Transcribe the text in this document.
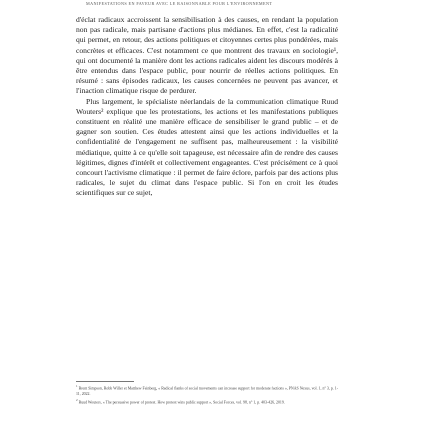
MANIFESTATIONS EN FAVEUR AVEC LE RAISONNABLE POUR L'ENVIRONNEMENT

d'éclat radicaux accroissent la sensibilisation à des causes, en rendant la population non pas radicale, mais partisane d'actions plus médianes. En effet, c'est la radicalité qui permet, en retour, des actions politiques et citoyennes certes plus pondérées, mais concrètes et efficaces. C'est notamment ce que montrent des travaux en sociologie¹, qui ont documenté la manière dont les actions radicales aident les discours modérés à être entendus dans l'espace public, pour nourrir de réelles actions politiques. En résumé : sans épisodes radicaux, les causes concernées ne peuvent pas avancer, et l'inaction climatique risque de perdurer.

Plus largement, le spécialiste néerlandais de la communication climatique Ruud Wouters² explique que les protestations, les actions et les manifestations publiques constituent en réalité une manière efficace de sensibiliser le grand public – et de gagner son soutien. Ces études attestent ainsi que les actions individuelles et la confidentialité de l'engagement ne suffisent pas, malheureusement : la visibilité médiatique, quitte à ce qu'elle soit tapageuse, est nécessaire afin de rendre des causes légitimes, dignes d'intérêt et collectivement engageantes. C'est précisément ce à quoi concourt l'activisme climatique : il permet de faire éclore, parfois par des actions plus radicales, le sujet du climat dans l'espace public. Si l'on en croit les études scientifiques sur ce sujet,

$^1$Brent Simpson, Robb Willer et Matthew Feinberg, « Radical flanks of social movements can increase support for moderate factions », PNAS Nexus, vol. 1, n° 3, p. 1-11, 2022.
$^2$Ruud Wouters, « The persuasive power of protest. How protest wins public support », Social Forces, vol. 98, n° 1, p. 403-426, 2019.
